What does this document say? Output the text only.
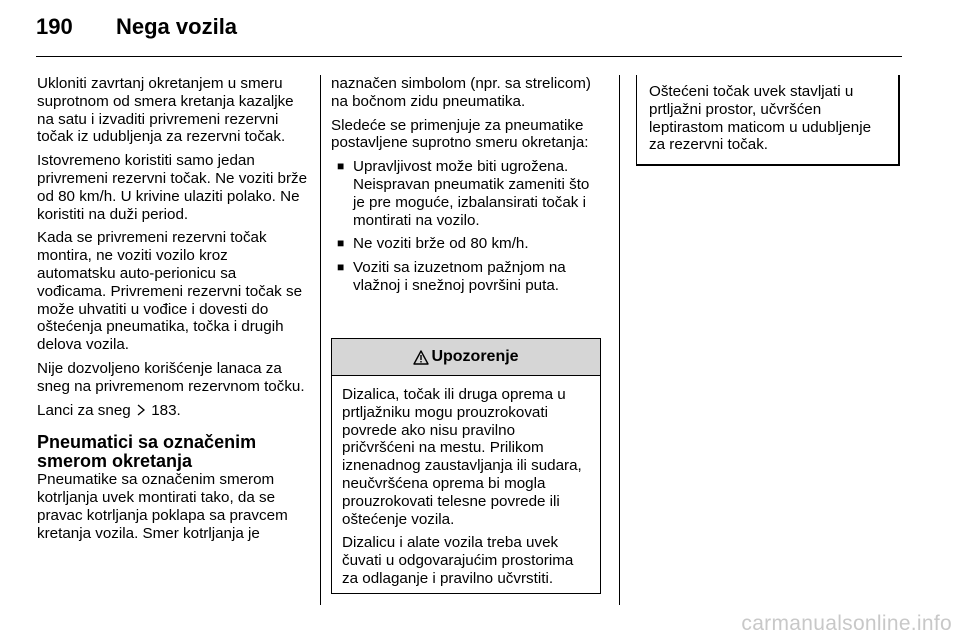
190 Nega vozila

Ukloniti zavrtanj okretanjem u smeru suprotnom od smera kretanja kazaljke na satu i izvaditi privremeni rezervni točak iz udubljenja za rezervni točak.

Istovremeno koristiti samo jedan privremeni rezervni točak. Ne voziti brže od 80 km/h. U krivine ulaziti polako. Ne koristiti na duži period.

Kada se privremeni rezervni točak montira, ne voziti vozilo kroz automatsku auto-perionicu sa vođicama. Privremeni rezervni točak se može uhvatiti u vođice i dovesti do oštećenja pneumatika, točka i drugih delova vozila.

Nije dozvoljeno korišćenje lanaca za sneg na privremenom rezervnom točku.

Lanci za sneg 183.

Pneumatici sa označenim smerom okretanja

Pneumatike sa označenim smerom kotrljanja uvek montirati tako, da se pravac kotrljanja poklapa sa pravcem kretanja vozila. Smer kotrljanja je

naznačen simbolom (npr. sa strelicom) na bočnom zidu pneumatika.

Sledeće se primenjuje za pneumatike postavljene suprotno smeru okretanja:

■ Upravljivost može biti ugrožena. Neispravan pneumatik zameniti što je pre moguće, izbalansirati točak i montirati na vozilo.
■ Ne voziti brže od 80 km/h.
■ Voziti sa izuzetnom pažnjom na vlažnoj i snežnoj površini puta.
Upozorenje

Dizalica, točak ili druga oprema u prtljažniku mogu prouzrokovati povrede ako nisu pravilno pričvršćeni na mestu. Prilikom iznenadnog zaustavljanja ili sudara, neučvršćena oprema bi mogla prouzrokovati telesne povrede ili oštećenje vozila.

Dizalicu i alate vozila treba uvek čuvati u odgovarajućim prostorima za odlaganje i pravilno učvrstiti.

Oštećeni točak uvek stavljati u prtljažni prostor, učvršćen leptirastom maticom u udubljenje za rezervni točak.
carmanualsonline.info
